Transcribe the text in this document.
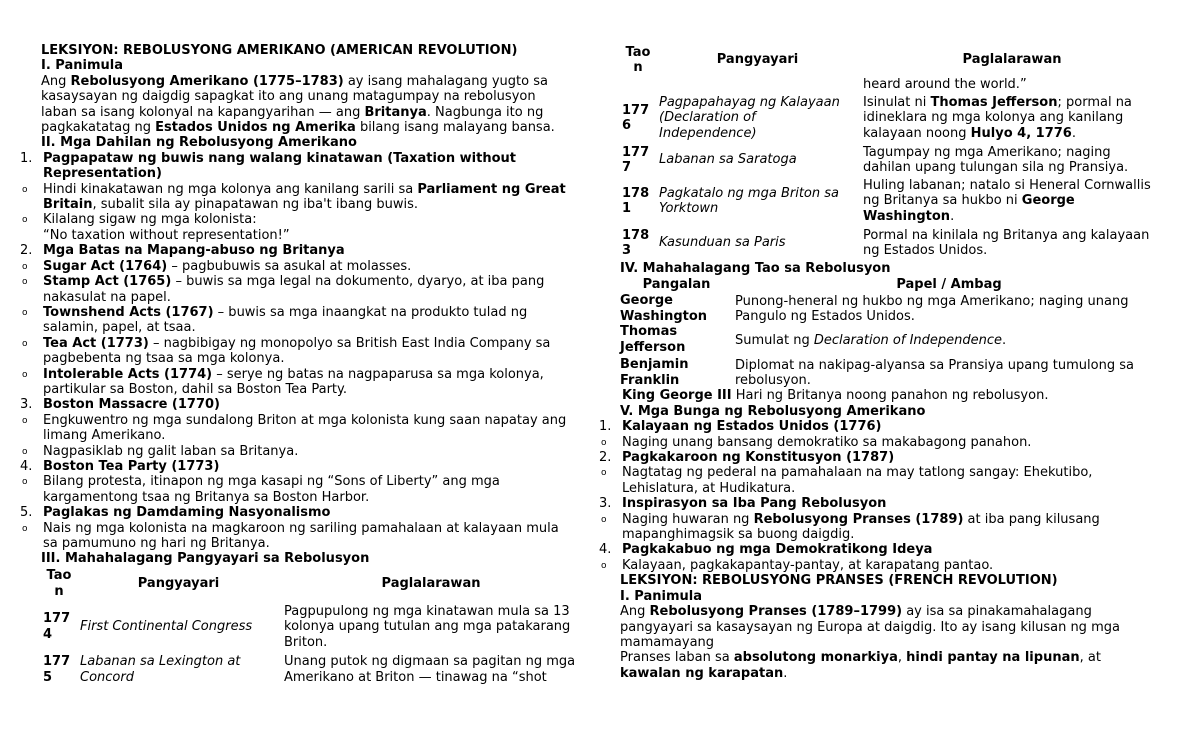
LEKSIYON: REBOLUSYONG AMERIKANO (AMERICAN REVOLUTION)
I. Panimula
Ang Rebolusyong Amerikano (1775–1783) ay isang mahalagang yugto sa
kasaysayan ng daigdig sapagkat ito ang unang matagumpay na rebolusyon
laban sa isang kolonyal na kapangyarihan — ang Britanya. Nagbunga ito ng
pagkakatatag ng Estados Unidos ng Amerika bilang isang malayang bansa.
II. Mga Dahilan ng Rebolusyong Amerikano
1. Pagpapataw ng buwis nang walang kinatawan (Taxation without
Representation)
o Hindi kinakatawan ng mga kolonya ang kanilang sarili sa Parliament ng Great
Britain, subalit sila ay pinapatawan ng iba't ibang buwis.
o Kilalang sigaw ng mga kolonista:
“No taxation without representation!”
2. Mga Batas na Mapang-abuso ng Britanya
o Sugar Act (1764) – pagbubuwis sa asukal at molasses.
o Stamp Act (1765) – buwis sa mga legal na dokumento, dyaryo, at iba pang
nakasulat na papel.
o Townshend Acts (1767) – buwis sa mga inaangkat na produkto tulad ng
salamin, papel, at tsaa.
o Tea Act (1773) – nagbibigay ng monopolyo sa British East India Company sa
pagbebenta ng tsaa sa mga kolonya.
o Intolerable Acts (1774) – serye ng batas na nagpaparusa sa mga kolonya,
partikular sa Boston, dahil sa Boston Tea Party.
3. Boston Massacre (1770)
o Engkuwentro ng mga sundalong Briton at mga kolonista kung saan napatay ang
limang Amerikano.
o Nagpasiklab ng galit laban sa Britanya.
4. Boston Tea Party (1773)
o Bilang protesta, itinapon ng mga kasapi ng “Sons of Liberty” ang mga
kargamentong tsaa ng Britanya sa Boston Harbor.
5. Paglakas ng Damdaming Nasyonalismo
o Nais ng mga kolonista na magkaroon ng sariling pamahalaan at kalayaan mula
sa pamumuno ng hari ng Britanya.
III. Mahahalagang Pangyayari sa Rebolusyon
Tao
n	Pangyayari	Paglalarawan
177
4	First Continental Congress	Pagpupulong ng mga kinatawan mula sa 13
kolonya upang tutulan ang mga patakarang
Briton.
177
5	Labanan sa Lexington at
Concord	Unang putok ng digmaan sa pagitan ng mga
Amerikano at Briton — tinawag na “shot
Tao
n	Pangyayari	Paglalarawan
		heard around the world.”
177
6	Pagpapahayag ng Kalayaan
(Declaration of
Independence)	Isinulat ni Thomas Jefferson; pormal na
idineklara ng mga kolonya ang kanilang
kalayaan noong Hulyo 4, 1776.
177
7	Labanan sa Saratoga	Tagumpay ng mga Amerikano; naging
dahilan upang tulungan sila ng Pransiya.
178
1	Pagkatalo ng mga Briton sa
Yorktown	Huling labanan; natalo si Heneral Cornwallis
ng Britanya sa hukbo ni George
Washington.
178
3	Kasunduan sa Paris	Pormal na kinilala ng Britanya ang kalayaan
ng Estados Unidos.
IV. Mahahalagang Tao sa Rebolusyon
Pangalan	Papel / Ambag
George
Washington	Punong-heneral ng hukbo ng mga Amerikano; naging unang
Pangulo ng Estados Unidos.
Thomas
Jefferson	Sumulat ng Declaration of Independence.
Benjamin
Franklin	Diplomat na nakipag-alyansa sa Pransiya upang tumulong sa
rebolusyon.
King George III Hari ng Britanya noong panahon ng rebolusyon.
V. Mga Bunga ng Rebolusyong Amerikano
1. Kalayaan ng Estados Unidos (1776)
o Naging unang bansang demokratiko sa makabagong panahon.
2. Pagkakaroon ng Konstitusyon (1787)
o Nagtatag ng pederal na pamahalaan na may tatlong sangay: Ehekutibo,
Lehislatura, at Hudikatura.
3. Inspirasyon sa Iba Pang Rebolusyon
o Naging huwaran ng Rebolusyong Pranses (1789) at iba pang kilusang
mapanghimagsik sa buong daigdig.
4. Pagkakabuo ng mga Demokratikong Ideya
o Kalayaan, pagkakapantay-pantay, at karapatang pantao.
LEKSIYON: REBOLUSYONG PRANSES (FRENCH REVOLUTION)
I. Panimula
Ang Rebolusyong Pranses (1789–1799) ay isa sa pinakamahalagang
pangyayari sa kasaysayan ng Europa at daigdig. Ito ay isang kilusan ng mga
mamamayang
Pranses laban sa absolutong monarkiya, hindi pantay na lipunan, at
kawalan ng karapatan.
